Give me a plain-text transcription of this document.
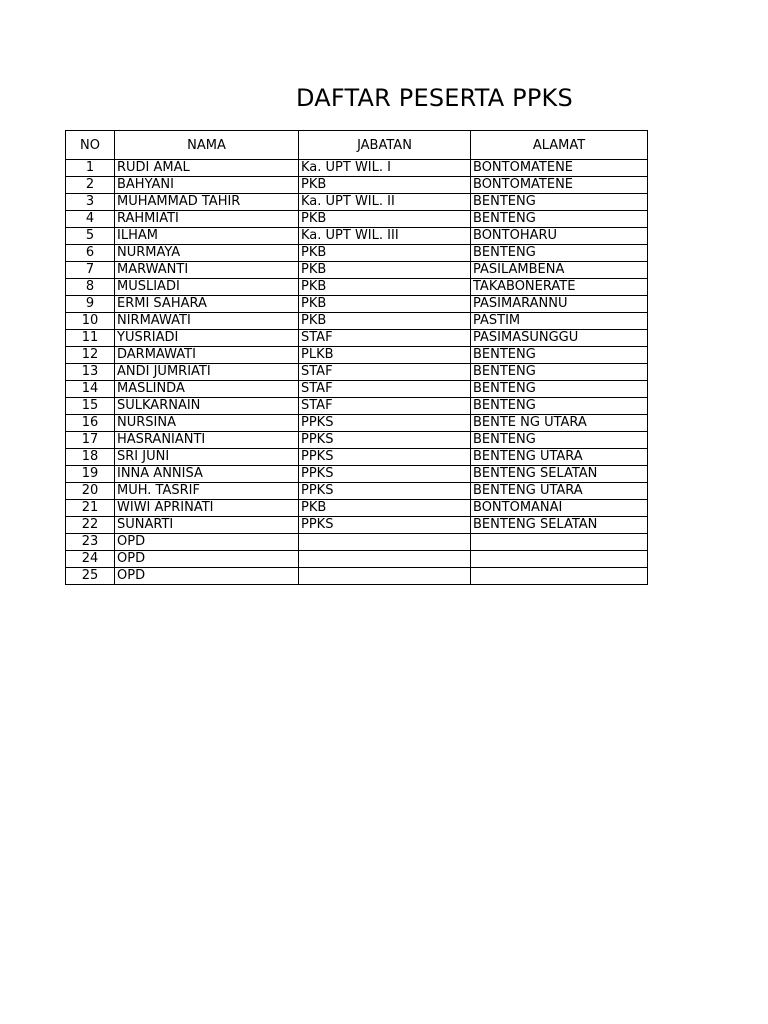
DAFTAR PESERTA PPKS
NO	NAMA	JABATAN	ALAMAT
1	RUDI AMAL	Ka. UPT WIL. I	BONTOMATENE
2	BAHYANI	PKB	BONTOMATENE
3	MUHAMMAD TAHIR	Ka. UPT WIL. II	BENTENG
4	RAHMIATI	PKB	BENTENG
5	ILHAM	Ka. UPT WIL. III	BONTOHARU
6	NURMAYA	PKB	BENTENG
7	MARWANTI	PKB	PASILAMBENA
8	MUSLIADI	PKB	TAKABONERATE
9	ERMI SAHARA	PKB	PASIMARANNU
10	NIRMAWATI	PKB	PASTIM
11	YUSRIADI	STAF	PASIMASUNGGU
12	DARMAWATI	PLKB	BENTENG
13	ANDI JUMRIATI	STAF	BENTENG
14	MASLINDA	STAF	BENTENG
15	SULKARNAIN	STAF	BENTENG
16	NURSINA	PPKS	BENTE NG UTARA
17	HASRANIANTI	PPKS	BENTENG
18	SRI JUNI	PPKS	BENTENG UTARA
19	INNA ANNISA	PPKS	BENTENG SELATAN
20	MUH. TASRIF	PPKS	BENTENG UTARA
21	WIWI APRINATI	PKB	BONTOMANAI
22	SUNARTI	PPKS	BENTENG SELATAN
23	OPD		
24	OPD		
25	OPD		
